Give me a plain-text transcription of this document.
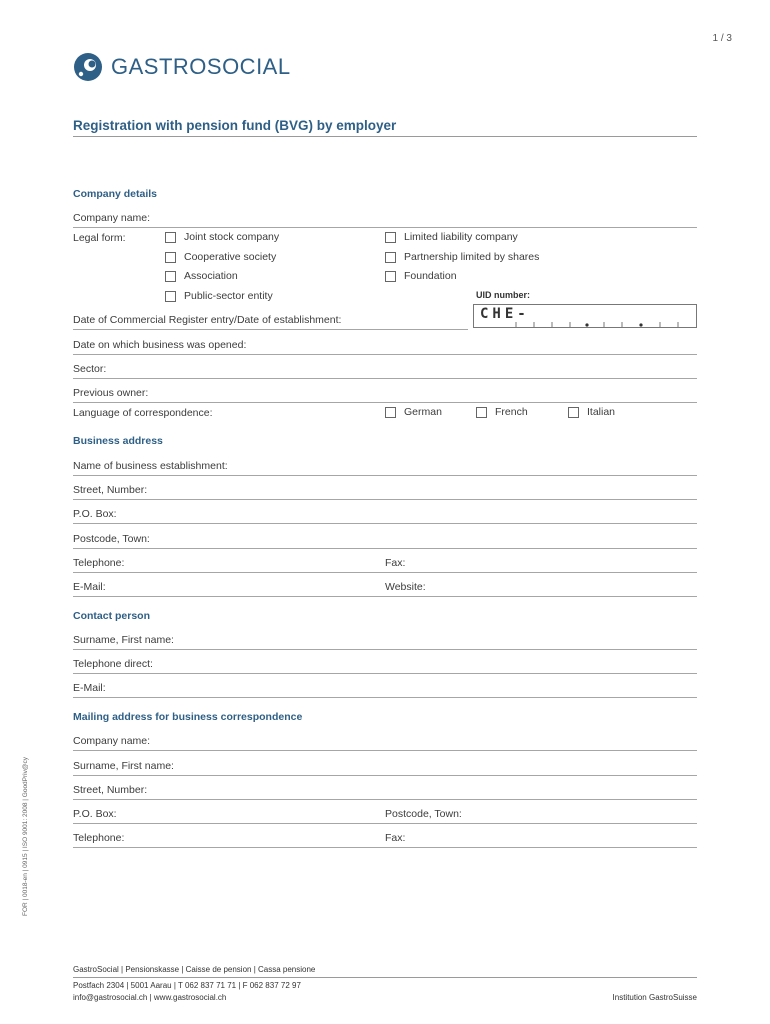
1 / 3
GASTROSOCIAL
Registration with pension fund (BVG) by employer
Company details
Company name:
Legal form:	Joint stock company	Limited liability company
Cooperative society	Partnership limited by shares
Association	Foundation
Public-sector entity	UID number:
CHE-
Date of Commercial Register entry/Date of establishment:
Date on which business was opened:
Sector:
Previous owner:
Language of correspondence:	German	French	Italian
Business address
Name of business establishment:
Street, Number:
P.O. Box:
Postcode, Town:
Telephone:	Fax:
E-Mail:	Website:
Contact person
Surname, First name:
Telephone direct:
E-Mail:
Mailing address for business correspondence
Company name:
Surname, First name:
Street, Number:
P.O. Box:	Postcode, Town:
Telephone:	Fax:
FOR | 0018-en | 0915 | ISO 9001: 2008 | GoodPriv@cy
GastroSocial | Pensionskasse | Caisse de pension | Cassa pensione
Postfach 2304 | 5001 Aarau | T 062 837 71 71 | F 062 837 72 97
info@gastrosocial.ch | www.gastrosocial.ch	Institution GastroSuisse
